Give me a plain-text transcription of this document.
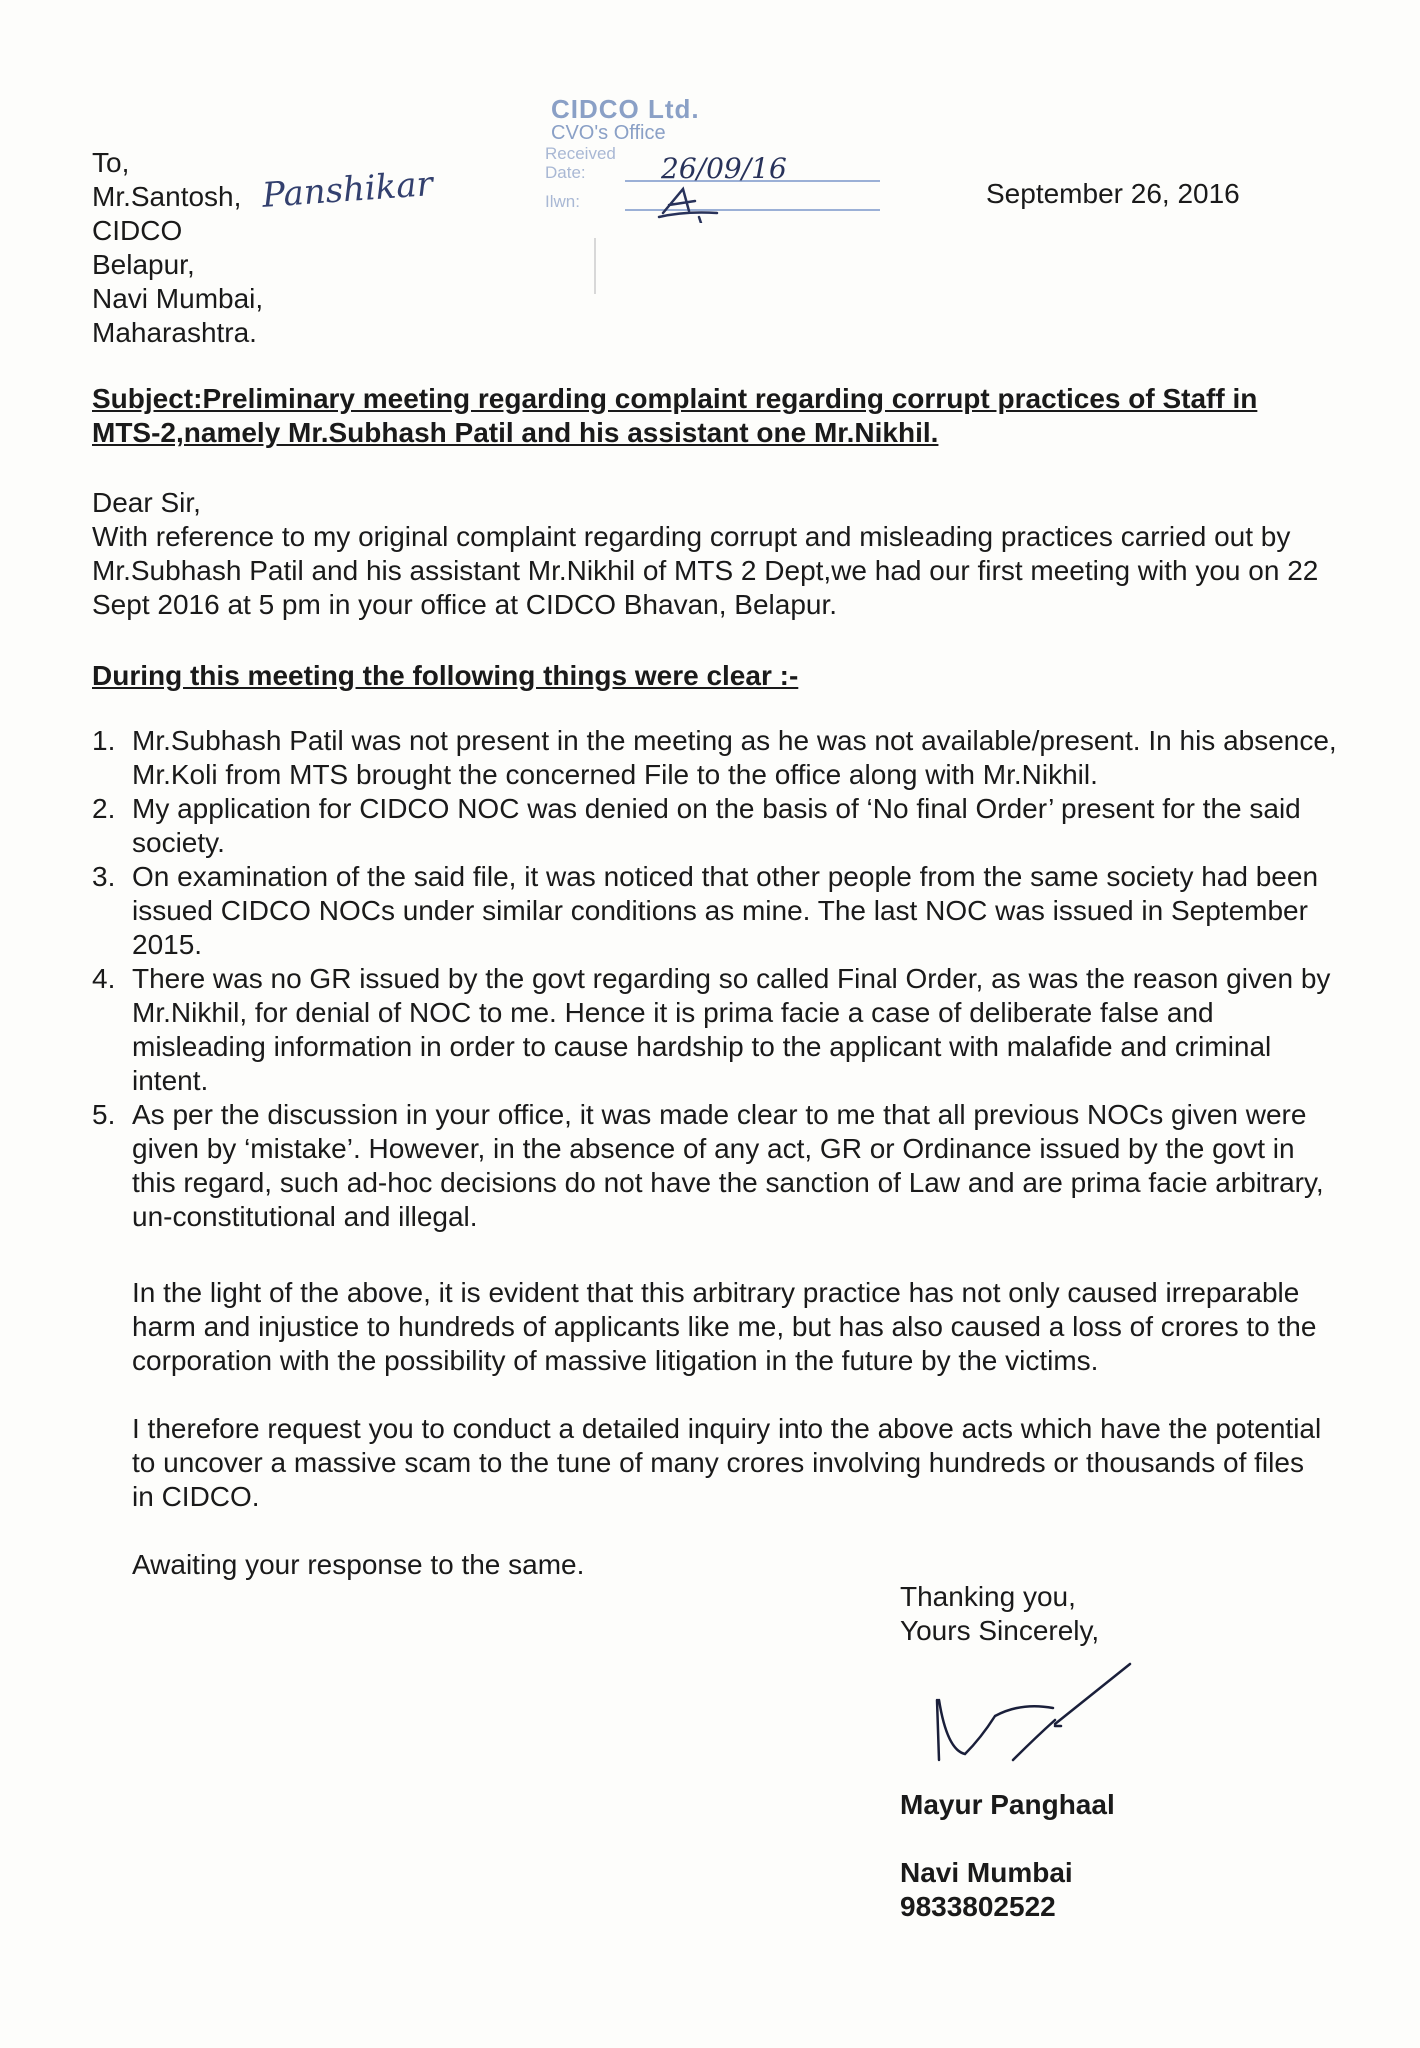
To,
Mr.Santosh,
CIDCO
Belapur,
Navi Mumbai,
Maharashtra.
Panshikar
CIDCO Ltd.
CVO's Office
Received
Date:	26/09/16
Ilwn:	September 26, 2016
Subject:Preliminary meeting regarding complaint regarding corrupt practices of Staff in MTS-2,namely Mr.Subhash Patil and his assistant one Mr.Nikhil.
Dear Sir,
With reference to my original complaint regarding corrupt and misleading practices carried out by Mr.Subhash Patil and his assistant Mr.Nikhil of MTS 2 Dept,we had our first meeting with you on 22 Sept 2016 at 5 pm in your office at CIDCO Bhavan, Belapur.
During this meeting the following things were clear :-
1. Mr.Subhash Patil was not present in the meeting as he was not available/present. In his absence, Mr.Koli from MTS brought the concerned File to the office along with Mr.Nikhil.
2. My application for CIDCO NOC was denied on the basis of ‘No final Order’ present for the said society.
3. On examination of the said file, it was noticed that other people from the same society had been issued CIDCO NOCs under similar conditions as mine. The last NOC was issued in September 2015.
4. There was no GR issued by the govt regarding so called Final Order, as was the reason given by Mr.Nikhil, for denial of NOC to me. Hence it is prima facie a case of deliberate false and misleading information in order to cause hardship to the applicant with malafide and criminal intent.
5. As per the discussion in your office, it was made clear to me that all previous NOCs given were given by ‘mistake’. However, in the absence of any act, GR or Ordinance issued by the govt in this regard, such ad-hoc decisions do not have the sanction of Law and are prima facie arbitrary, un-constitutional and illegal.
In the light of the above, it is evident that this arbitrary practice has not only caused irreparable harm and injustice to hundreds of applicants like me, but has also caused a loss of crores to the corporation with the possibility of massive litigation in the future by the victims.
I therefore request you to conduct a detailed inquiry into the above acts which have the potential to uncover a massive scam to the tune of many crores involving hundreds or thousands of files in CIDCO.
Awaiting your response to the same.
Thanking you,
Yours Sincerely,
Mayur Panghaal
Navi Mumbai
9833802522
